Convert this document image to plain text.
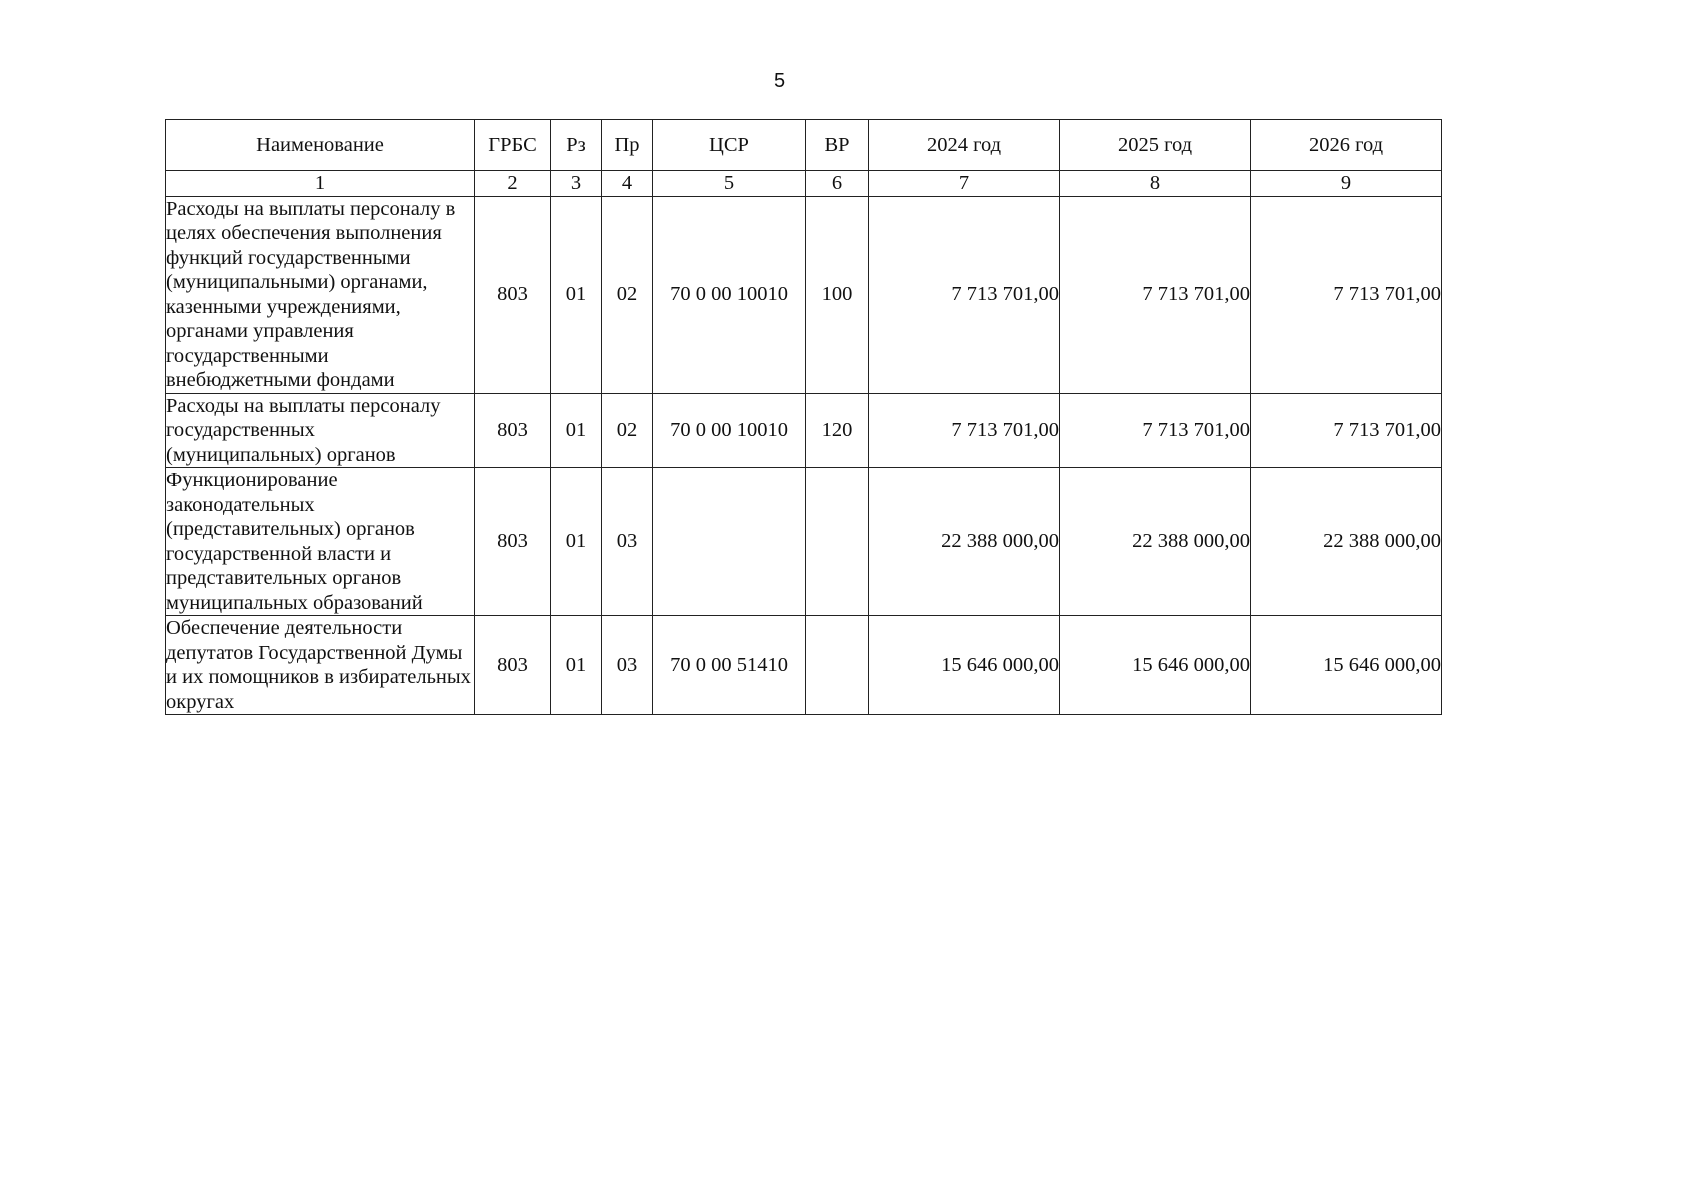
5
Наименование	ГРБС	Рз	Пр	ЦСР	ВР	2024 год	2025 год	2026 год
1	2	3	4	5	6	7	8	9
Расходы на выплаты персоналу в целях обеспечения выполнения функций государственными (муниципальными) органами, казенными учреждениями, органами управления государственными внебюджетными фондами	803	01	02	70 0 00 10010	100	7 713 701,00	7 713 701,00	7 713 701,00
Расходы на выплаты персоналу государственных (муниципальных) органов	803	01	02	70 0 00 10010	120	7 713 701,00	7 713 701,00	7 713 701,00
Функционирование законодательных (представительных) органов государственной власти и представительных органов муниципальных образований	803	01	03			22 388 000,00	22 388 000,00	22 388 000,00
Обеспечение деятельности депутатов Государственной Думы и их помощников в избирательных округах	803	01	03	70 0 00 51410		15 646 000,00	15 646 000,00	15 646 000,00
